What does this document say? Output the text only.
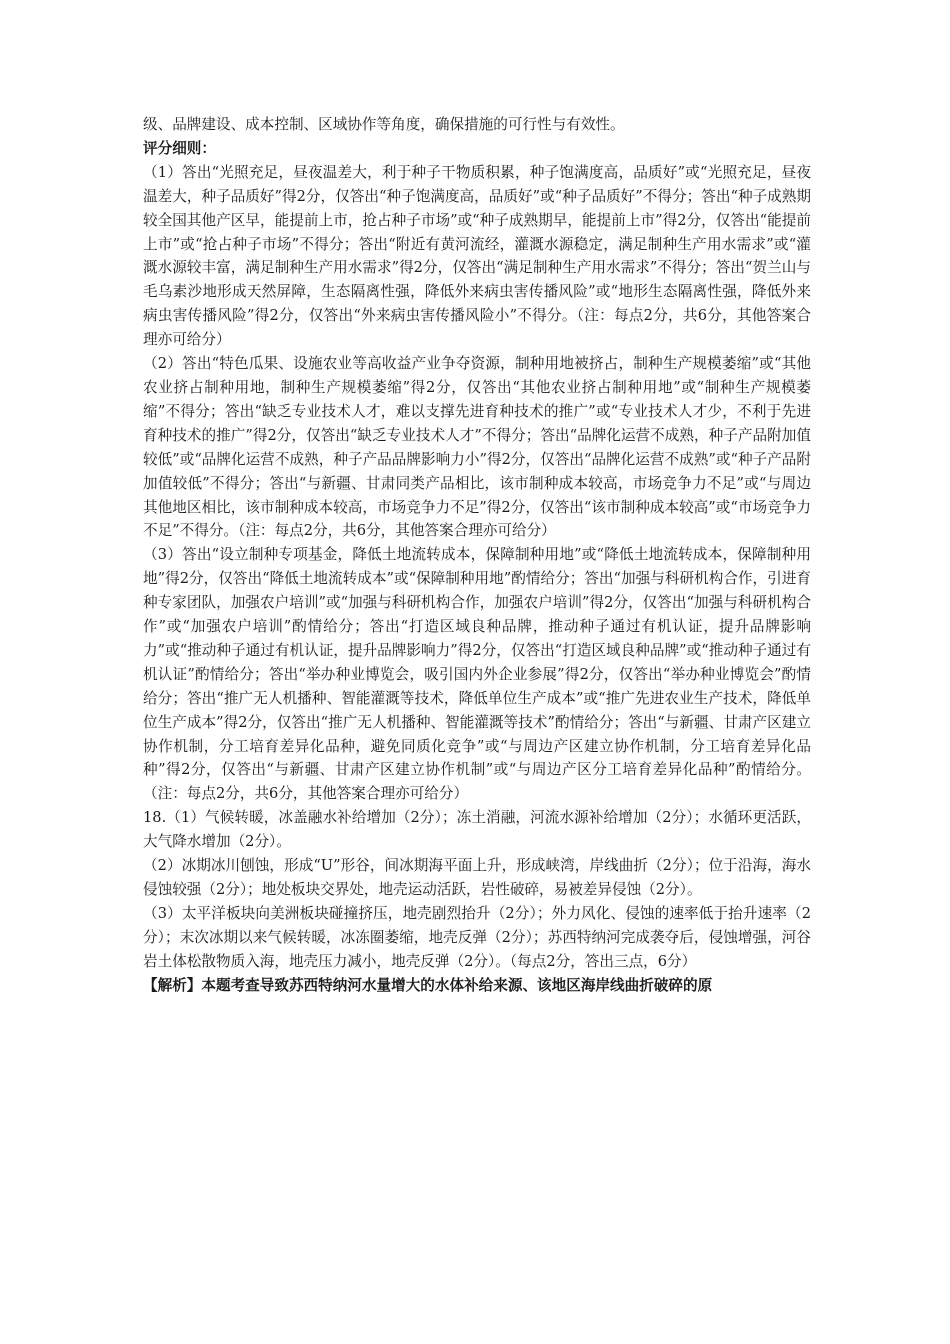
级、品牌建设、成本控制、区域协作等角度，确保措施的可行性与有效性。

评分细则：

（1）答出“光照充足，昼夜温差大，利于种子干物质积累，种子饱满度高，品质好”或“光照充足，昼夜温差大，种子品质好”得2分，仅答出“种子饱满度高，品质好”或“种子品质好”不得分；答出“种子成熟期较全国其他产区早，能提前上市，抢占种子市场”或“种子成熟期早，能提前上市”得2分，仅答出“能提前上市”或“抢占种子市场”不得分；答出“附近有黄河流经，灌溉水源稳定，满足制种生产用水需求”或“灌溉水源较丰富，满足制种生产用水需求”得2分，仅答出“满足制种生产用水需求”不得分；答出“贺兰山与毛乌素沙地形成天然屏障，生态隔离性强，降低外来病虫害传播风险”或“地形生态隔离性强，降低外来病虫害传播风险”得2分，仅答出“外来病虫害传播风险小”不得分。（注：每点2分，共6分，其他答案合理亦可给分）

（2）答出“特色瓜果、设施农业等高收益产业争夺资源，制种用地被挤占，制种生产规模萎缩”或“其他农业挤占制种用地，制种生产规模萎缩”得2分，仅答出“其他农业挤占制种用地”或“制种生产规模萎缩”不得分；答出“缺乏专业技术人才，难以支撑先进育种技术的推广”或“专业技术人才少，不利于先进育种技术的推广”得2分，仅答出“缺乏专业技术人才”不得分；答出“品牌化运营不成熟，种子产品附加值较低”或“品牌化运营不成熟，种子产品品牌影响力小”得2分，仅答出“品牌化运营不成熟”或“种子产品附加值较低”不得分；答出“与新疆、甘肃同类产品相比，该市制种成本较高，市场竞争力不足”或“与周边其他地区相比，该市制种成本较高，市场竞争力不足”得2分，仅答出“该市制种成本较高”或“市场竞争力不足”不得分。（注：每点2分，共6分，其他答案合理亦可给分）

（3）答出“设立制种专项基金，降低土地流转成本，保障制种用地”或“降低土地流转成本，保障制种用地”得2分，仅答出“降低土地流转成本”或“保障制种用地”酌情给分；答出“加强与科研机构合作，引进育种专家团队，加强农户培训”或“加强与科研机构合作，加强农户培训”得2分，仅答出“加强与科研机构合作”或“加强农户培训”酌情给分；答出“打造区域良种品牌，推动种子通过有机认证，提升品牌影响力”或“推动种子通过有机认证，提升品牌影响力”得2分，仅答出“打造区域良种品牌”或“推动种子通过有机认证”酌情给分；答出“举办种业博览会，吸引国内外企业参展”得2分，仅答出“举办种业博览会”酌情给分；答出“推广无人机播种、智能灌溉等技术，降低单位生产成本”或“推广先进农业生产技术，降低单位生产成本”得2分，仅答出“推广无人机播种、智能灌溉等技术”酌情给分；答出“与新疆、甘肃产区建立协作机制，分工培育差异化品种，避免同质化竞争”或“与周边产区建立协作机制，分工培育差异化品种”得2分，仅答出“与新疆、甘肃产区建立协作机制”或“与周边产区分工培育差异化品种”酌情给分。（注：每点2分，共6分，其他答案合理亦可给分）

18.（1）气候转暖，冰盖融水补给增加（2分）；冻土消融，河流水源补给增加（2分）；水循环更活跃，大气降水增加（2分）。

（2）冰期冰川刨蚀，形成“U”形谷，间冰期海平面上升，形成峡湾，岸线曲折（2分）；位于沿海，海水侵蚀较强（2分）；地处板块交界处，地壳运动活跃，岩性破碎，易被差异侵蚀（2分）。

（3）太平洋板块向美洲板块碰撞挤压，地壳剧烈抬升（2分）；外力风化、侵蚀的速率低于抬升速率（2分）；末次冰期以来气候转暖，冰冻圈萎缩，地壳反弹（2分）；苏西特纳河完成袭夺后，侵蚀增强，河谷岩土体松散物质入海，地壳压力减小，地壳反弹（2分）。（每点2分，答出三点，6分）

【解析】本题考查导致苏西特纳河水量增大的水体补给来源、该地区海岸线曲折破碎的原
